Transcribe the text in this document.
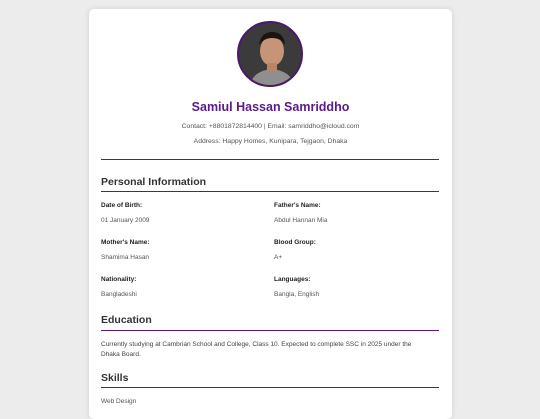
Samiul Hassan Samriddho
Contact: +8801872814400 | Email: samriddho@icloud.com
Address: Happy Homes, Kunipara, Tejgaon, Dhaka
Personal Information
Date of Birth:
01 January 2009
Father's Name:
Abdul Hannan Mia
Mother's Name:
Shamima Hasan
Blood Group:
A+
Nationality:
Bangladeshi
Languages:
Bangla, English
Education
Currently studying at Cambrian School and College, Class 10. Expected to complete SSC in 2025 under the Dhaka Board.
Skills
Web Design
